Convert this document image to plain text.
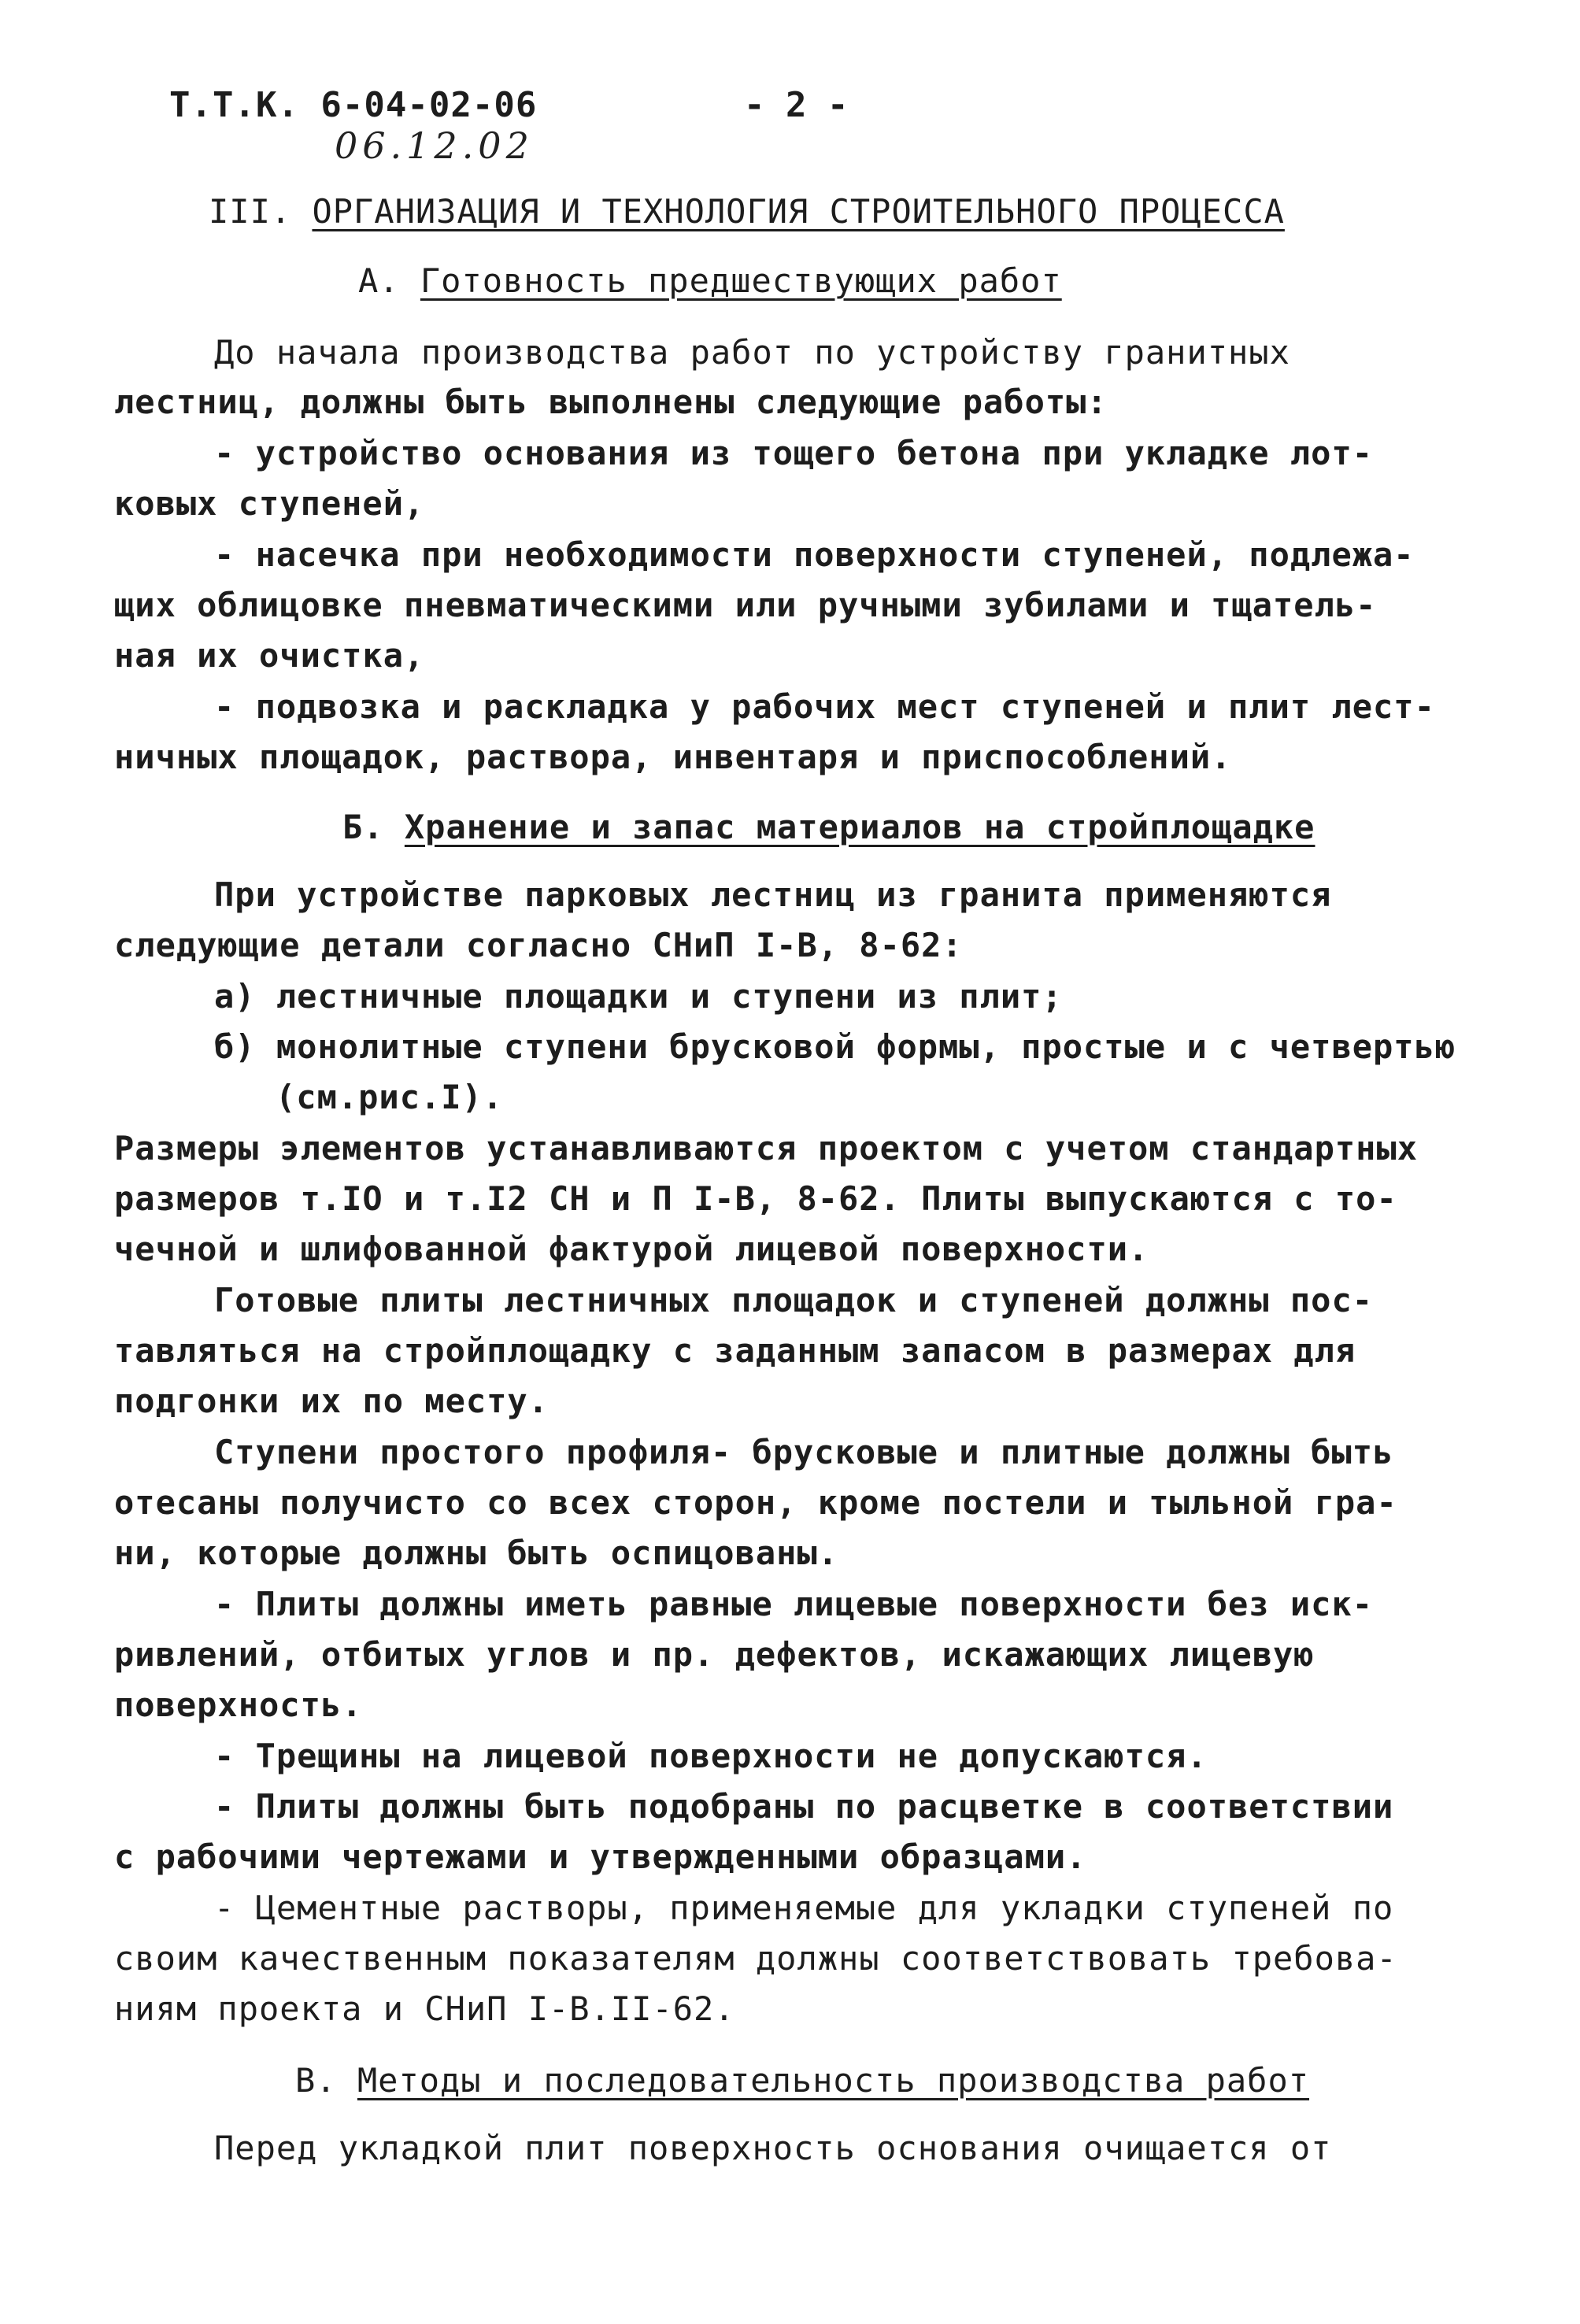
Т.Т.К. 6-04-02-06
06.12.02
- 2 -
III. ОРГАНИЗАЦИЯ И ТЕХНОЛОГИЯ СТРОИТЕЛЬНОГО ПРОЦЕССА
А. Готовность предшествующих работ
До начала производства работ по устройству гранитных
лестниц, должны быть выполнены следующие работы:
- устройство основания из тощего бетона при укладке лот-
ковых ступеней,
- насечка при необходимости поверхности ступеней, подлежа-
щих облицовке пневматическими или ручными зубилами и тщатель-
ная их очистка,
- подвозка и раскладка у рабочих мест ступеней и плит лест-
ничных площадок, раствора, инвентаря и приспособлений.
Б. Хранение и запас материалов на стройплощадке
При устройстве парковых лестниц из гранита применяются
следующие детали согласно СНиП I-В, 8-62:
а) лестничные площадки и ступени из плит;
б) монолитные ступени брусковой формы, простые и с четвертью
(см.рис.I).
Размеры элементов устанавливаются проектом с учетом стандартных
размеров т.IO и т.I2 СН и П I-В, 8-62. Плиты выпускаются с то-
чечной и шлифованной фактурой лицевой поверхности.
Готовые плиты лестничных площадок и ступеней должны пос-
тавляться на стройплощадку с заданным запасом в размерах для
подгонки их по месту.
Ступени простого профиля- брусковые и плитные должны быть
отесаны получисто со всех сторон, кроме постели и тыльной гра-
ни, которые должны быть оспицованы.
- Плиты должны иметь равные лицевые поверхности без иск-
ривлений, отбитых углов и пр. дефектов, искажающих лицевую
поверхность.
- Трещины на лицевой поверхности не допускаются.
- Плиты должны быть подобраны по расцветке в соответствии
с рабочими чертежами и утвержденными образцами.
- Цементные растворы, применяемые для укладки ступеней по
своим качественным показателям должны соответствовать требова-
ниям проекта и СНиП I-В.II-62.
В. Методы и последовательность производства работ
Перед укладкой плит поверхность основания очищается от
